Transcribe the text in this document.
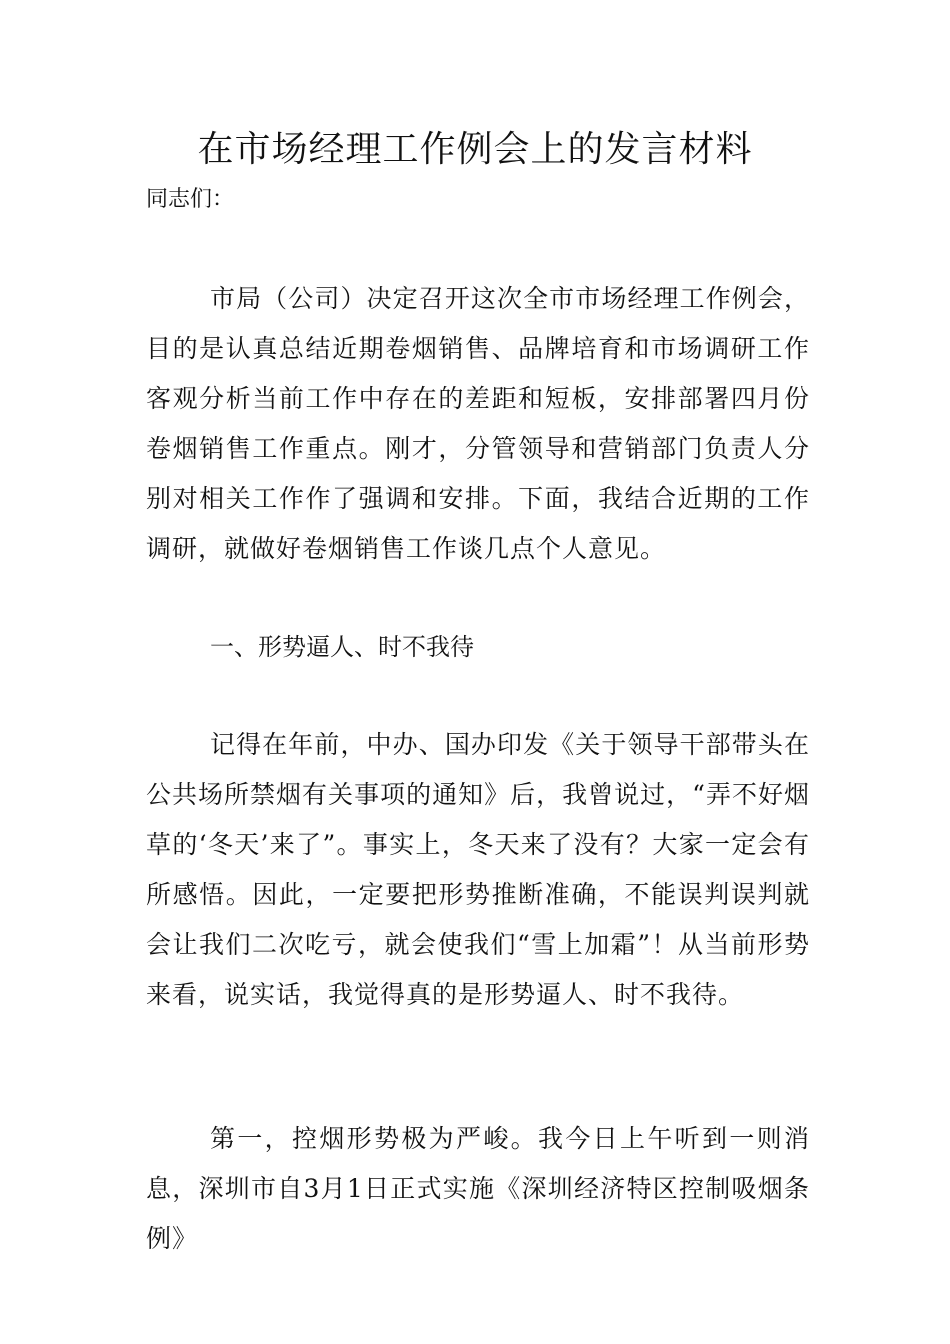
在市场经理工作例会上的发言材料
同志们：

市局（公司）决定召开这次全市市场经理工作例会，目的是认真总结近期卷烟销售、品牌培育和市场调研工作客观分析当前工作中存在的差距和短板，安排部署四月份卷烟销售工作重点。刚才，分管领导和营销部门负责人分别对相关工作作了强调和安排。下面，我结合近期的工作调研，就做好卷烟销售工作谈几点个人意见。

一、形势逼人、时不我待

记得在年前，中办、国办印发《关于领导干部带头在公共场所禁烟有关事项的通知》后，我曾说过，“弄不好烟草的‘冬天’来了”。事实上，冬天来了没有？大家一定会有所感悟。因此，一定要把形势推断准确，不能误判误判就会让我们二次吃亏，就会使我们“雪上加霜”！从当前形势来看，说实话，我觉得真的是形势逼人、时不我待。

第一，控烟形势极为严峻。我今日上午听到一则消息，深圳市自3月1日正式实施《深圳经济特区控制吸烟条例》
